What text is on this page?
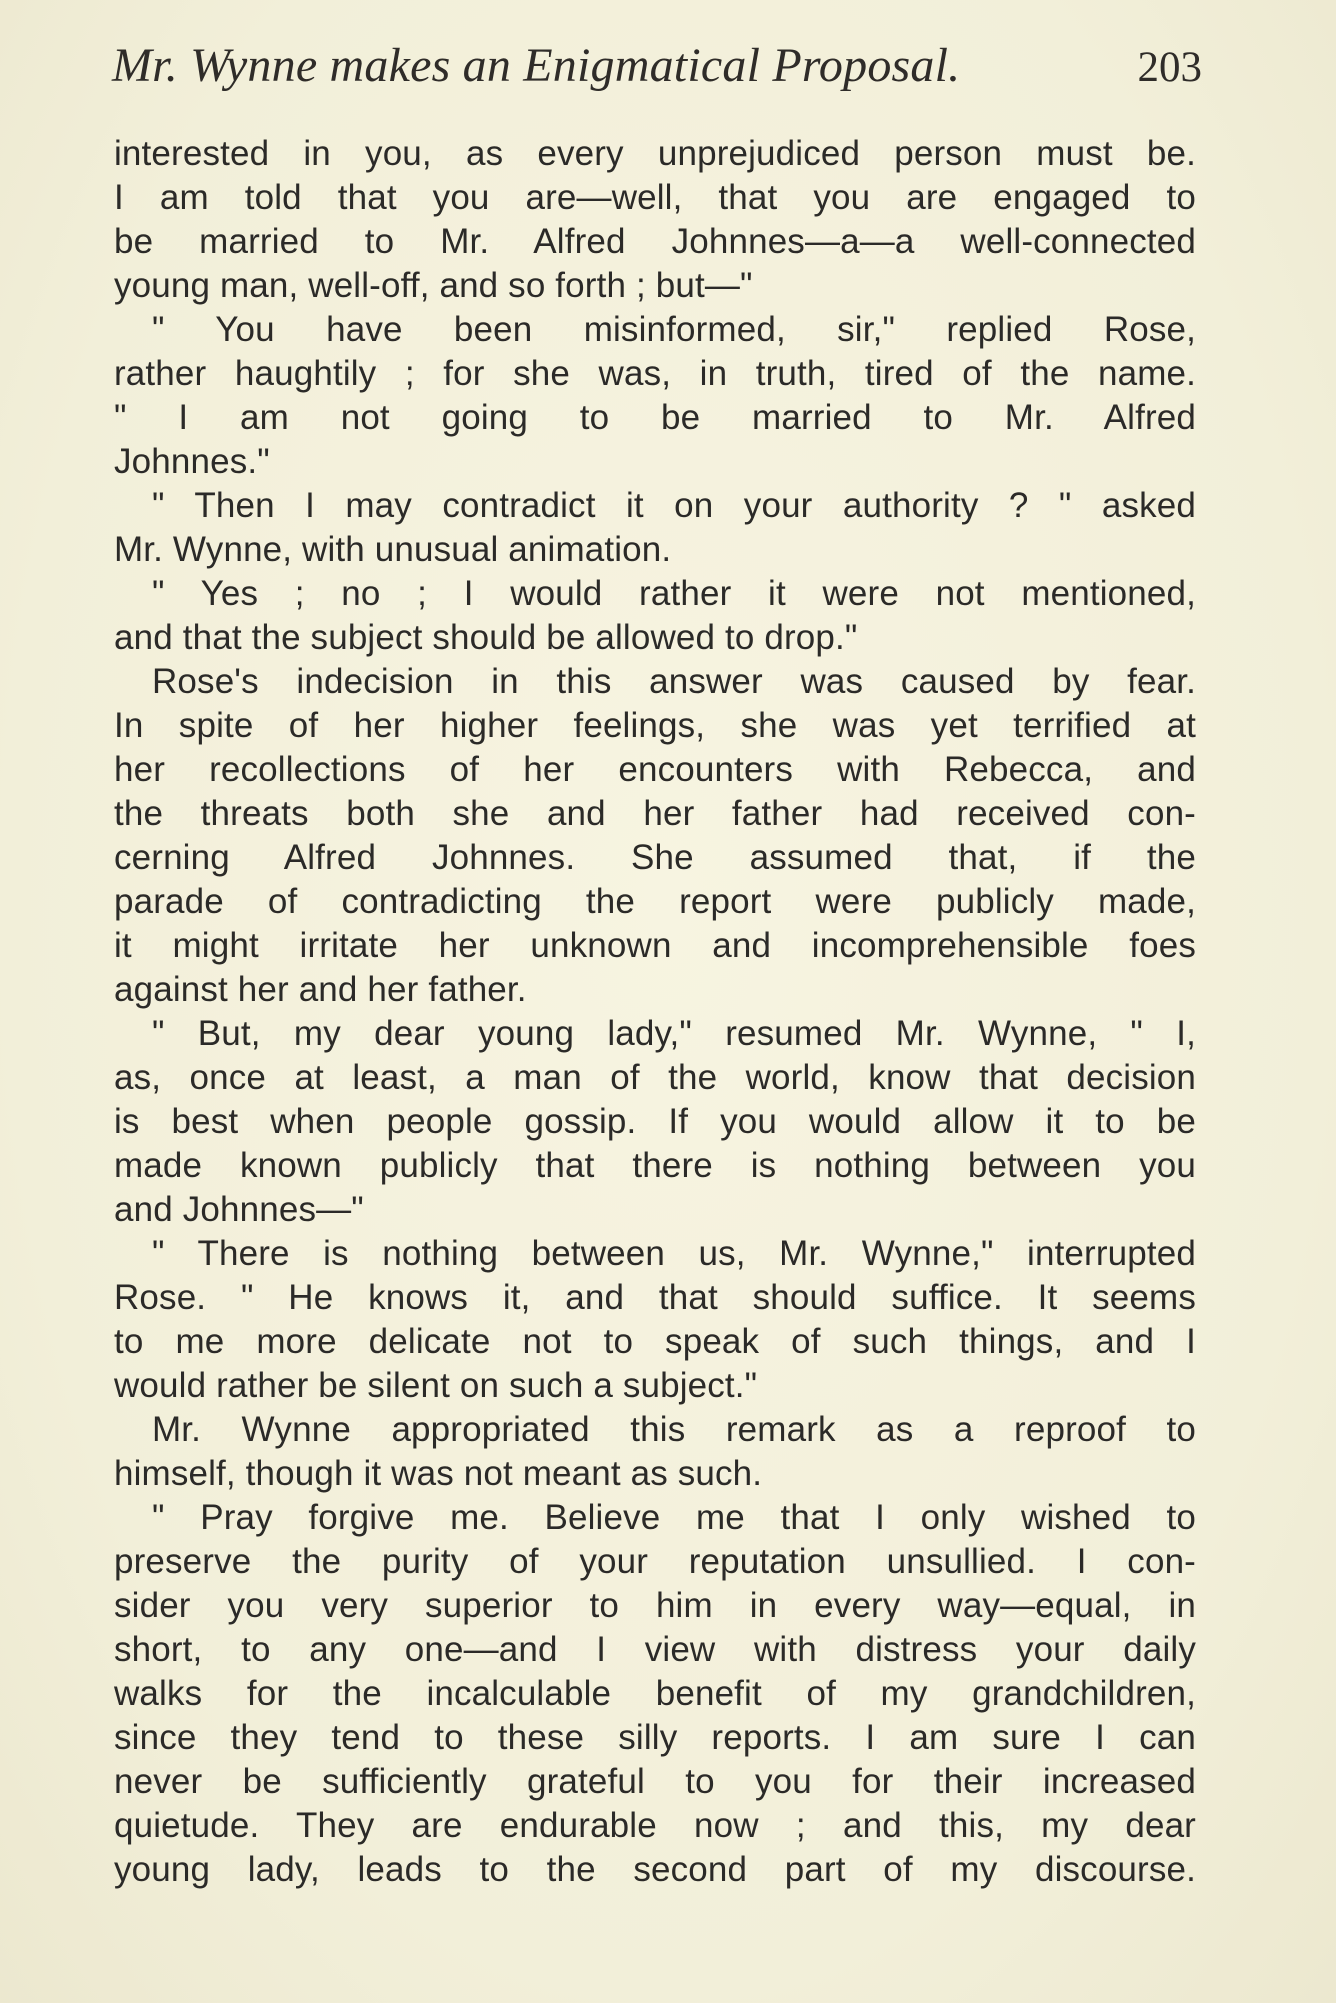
Mr. Wynne makes an Enigmatical Proposal.	203
interested in you, as every unprejudiced person must be.
I am told that you are—well, that you are engaged to
be married to Mr. Alfred Johnnes—a—a well-connected
young man, well-off, and so forth ; but—"
" You have been misinformed, sir," replied Rose,
rather haughtily ; for she was, in truth, tired of the name.
" I am not going to be married to Mr. Alfred
Johnnes."
" Then I may contradict it on your authority ? " asked
Mr. Wynne, with unusual animation.
" Yes ; no ; I would rather it were not mentioned,
and that the subject should be allowed to drop."
Rose's indecision in this answer was caused by fear.
In spite of her higher feelings, she was yet terrified at
her recollections of her encounters with Rebecca, and
the threats both she and her father had received con-
cerning Alfred Johnnes. She assumed that, if the
parade of contradicting the report were publicly made,
it might irritate her unknown and incomprehensible foes
against her and her father.
" But, my dear young lady," resumed Mr. Wynne, " I,
as, once at least, a man of the world, know that decision
is best when people gossip. If you would allow it to be
made known publicly that there is nothing between you
and Johnnes—"
" There is nothing between us, Mr. Wynne," interrupted
Rose. " He knows it, and that should suffice. It seems
to me more delicate not to speak of such things, and I
would rather be silent on such a subject."
Mr. Wynne appropriated this remark as a reproof to
himself, though it was not meant as such.
" Pray forgive me. Believe me that I only wished to
preserve the purity of your reputation unsullied. I con-
sider you very superior to him in every way—equal, in
short, to any one—and I view with distress your daily
walks for the incalculable benefit of my grandchildren,
since they tend to these silly reports. I am sure I can
never be sufficiently grateful to you for their increased
quietude. They are endurable now ; and this, my dear
young lady, leads to the second part of my discourse.
